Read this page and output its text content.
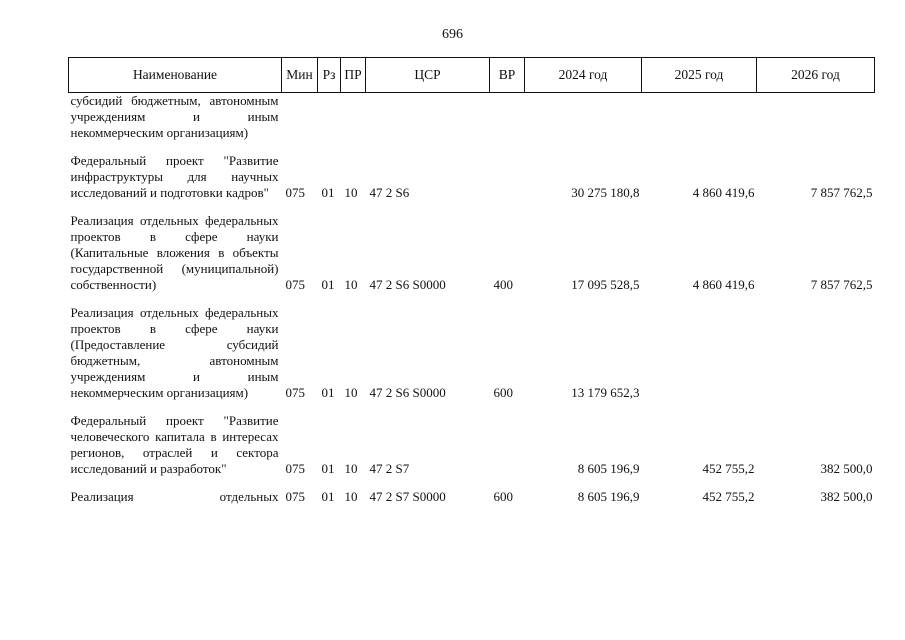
696
Наименование	Мин	Рз	ПР	ЦСР	ВР	2024 год	2025 год	2026 год
субсидий бюджетным, автономным учреждениям и иным некоммерческим организациям)								

Федеральный проект "Развитие инфраструктуры для научных исследований и подготовки кадров"	075	01	10	47 2 S6		30 275 180,8	4 860 419,6	7 857 762,5

Реализация отдельных федеральных проектов в сфере науки (Капитальные вложения в объекты государственной (муниципальной) собственности)	075	01	10	47 2 S6 S0000	400	17 095 528,5	4 860 419,6	7 857 762,5

Реализация отдельных федеральных проектов в сфере науки (Предоставление субсидий бюджетным, автономным учреждениям и иным некоммерческим организациям)	075	01	10	47 2 S6 S0000	600	13 179 652,3		

Федеральный проект "Развитие человеческого капитала в интересах регионов, отраслей и сектора исследований и разработок"	075	01	10	47 2 S7		8 605 196,9	452 755,2	382 500,0

Реализация отдельных	075	01	10	47 2 S7 S0000	600	8 605 196,9	452 755,2	382 500,0
